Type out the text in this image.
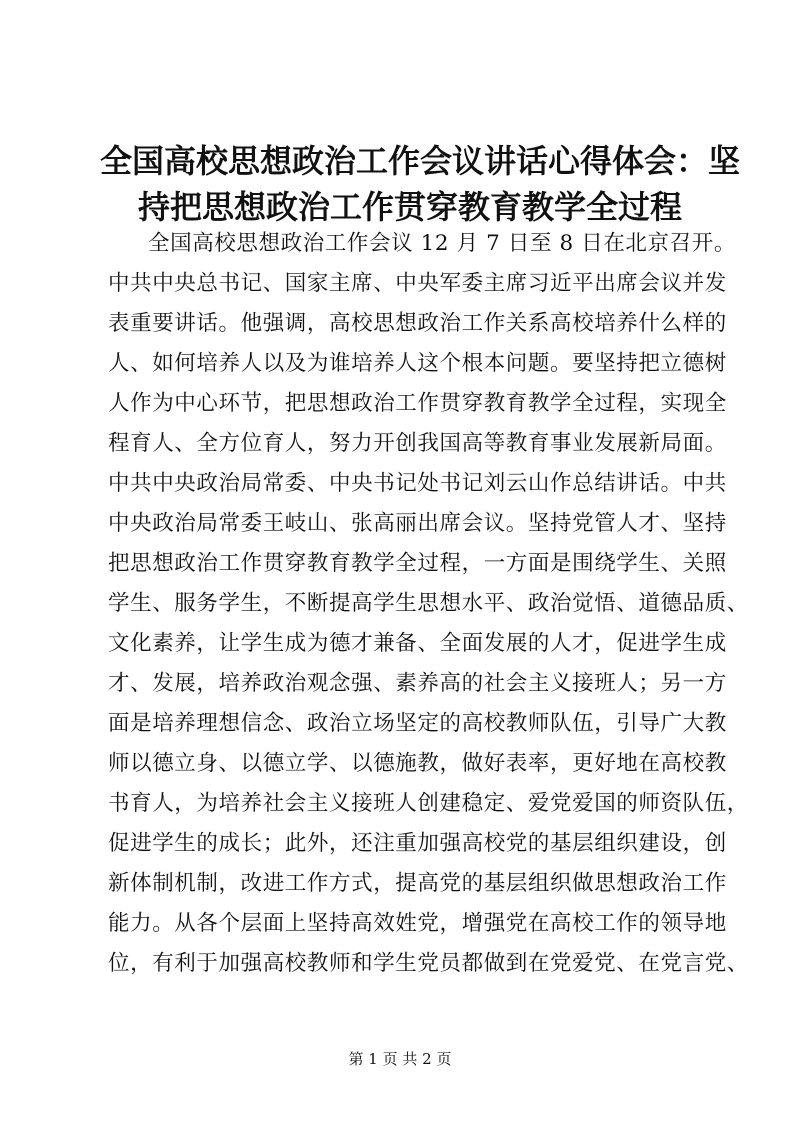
全国高校思想政治工作会议讲话心得体会：坚
持把思想政治工作贯穿教育教学全过程
全国高校思想政治工作会议 12 月 7 日至 8 日在北京召开。
中共中央总书记、国家主席、中央军委主席习近平出席会议并发
表重要讲话。他强调，高校思想政治工作关系高校培养什么样的
人、如何培养人以及为谁培养人这个根本问题。要坚持把立德树
人作为中心环节，把思想政治工作贯穿教育教学全过程，实现全
程育人、全方位育人，努力开创我国高等教育事业发展新局面。
中共中央政治局常委、中央书记处书记刘云山作总结讲话。中共
中央政治局常委王岐山、张高丽出席会议。坚持党管人才、坚持
把思想政治工作贯穿教育教学全过程，一方面是围绕学生、关照
学生、服务学生，不断提高学生思想水平、政治觉悟、道德品质、
文化素养，让学生成为德才兼备、全面发展的人才，促进学生成
才、发展，培养政治观念强、素养高的社会主义接班人；另一方
面是培养理想信念、政治立场坚定的高校教师队伍，引导广大教
师以德立身、以德立学、以德施教，做好表率，更好地在高校教
书育人，为培养社会主义接班人创建稳定、爱党爱国的师资队伍，
促进学生的成长；此外，还注重加强高校党的基层组织建设，创
新体制机制，改进工作方式，提高党的基层组织做思想政治工作
能力。从各个层面上坚持高效姓党，增强党在高校工作的领导地
位，有利于加强高校教师和学生党员都做到在党爱党、在党言党、
第 1 页 共 2 页
